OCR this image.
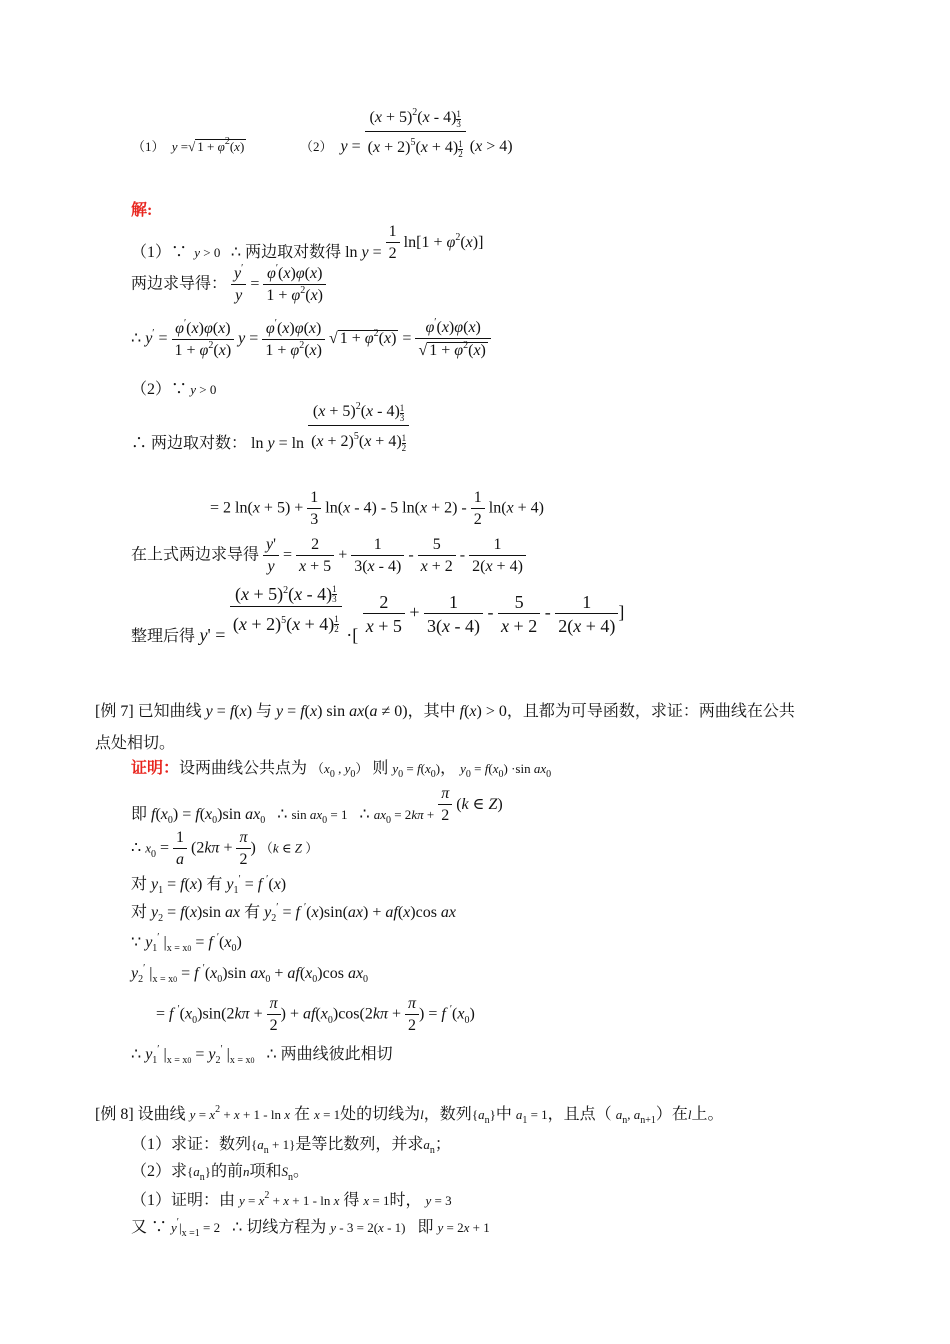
（1）  y =√ $1 + \varphi^2(x)$	$_{(2)}$  $y = \frac{(x + 5)^2(x - 4) \frac{1}{3}}{(x + 2)^5(x + 4) \frac{1}{2}} (x > 4)$
解:
（1）∵  $_y$ $_{> 0}$   ∴ 两边取对数得 $\ln y = \frac{1}{2} \ln[1 + \varphi^2(x)]$
两边求导得： $\frac{y'}{y} = \frac{\varphi'(x)\varphi(x)}{1 + \varphi^2(x)}$
∴ $y' = \frac{\varphi'(x)\varphi(x)}{1 + \varphi^2(x)}$ $y = \frac{\varphi'(x)\varphi(x)}{1 + \varphi^2(x)}$ √ $1 + \varphi^2(x) = \frac{\varphi'(x)\varphi(x)}{√ 1 + \varphi^2(x)}$
（2）∵ y > 0
∴ 两边取对数： $\ln y = \ln \frac{(x + 5)^2(x - 4) \frac{1}{3}}{(x + 2)^5(x + 4) \frac{1}{2}}$
= 2 $\ln(x + 5) + \frac{1}{3} \ln(x - 4) - 5$ $\ln(x + 2) - \frac{1}{2} \ln(x + 4)$
在上式两边求导得 $\frac{y'}{y} = \frac{2}{x + 5} + \frac{1}{3(x - 4)} - \frac{5}{x + 2} - \frac{1}{2(x + 4)}$
整理后得 y' =
$\frac{(x + 5)^2(x - 4) \frac{1}{3}}{(x + 2)^5(x + 4) \frac{1}{2}}$
·[
$\frac{2}{x + 5} + \frac{1}{3(x - 4)} - \frac{5}{x + 2} - \frac{1}{2(x + 4)}$ ]
[例 7] 已知曲线 y = f(x) 与 y = f(x) sin ax(a ≠ 0)，其中 f(x) > 0，且都为可导函数，求证：两曲线在公共
点处相切。
证明：设两曲线公共点为 （$x_0$ , $y_0$） 则 $y_0 = f(x_0)$， $y_0 = f(x_0) \cdot\sin$ $ax_0$
即 $f(x_0) = f(x_0)\sin$ $ax_0$   ∴ $\sin ax_0 = 1$   ∴ $ax_0 = 2k\pi + \frac{\pi}{2} (k$ ∈ Z)
∴ $x_0 = \frac{1}{a} (2k\pi + \frac{\pi}{2}$ ) （k ∈ Z ）
对 $y_1 = f(x)$ 有 $y_1' = f$ ′(x)
对 $y_2 = f(x)\sin$ ax 有 $y_2' = f$ ′(x)sin(ax) + af(x)cos ax
∵ $y_1'$ $|_{x = x0} = f$ $'(x_0)$
$y_2'$ $|_{x = x0} = f$ $'(x_0)\sin$ $ax_0 + af(x_0)\cos$ $ax_0$
= f $'(x_0)\sin(2k\pi + \frac{\pi}{2}$ ) + $af(x_0)\cos(2k\pi + \frac{\pi}{2}$ ) = f $'(x_0)$
∴ $y_1'$ $|_{x = x0} = y_2'$ $|_{x = x0}$ ∴ 两曲线彼此相切
[例 8] 设曲线 $y = x^2 + x + 1 - \ln x$ 在 x = 1处的切线为l，数列$\{a_n\}$中 $a_1 = 1$，且点（ $a_n$, $a_{n+1}$）在l上。
（1）求证：数列$\{a_n + 1\}$是等比数列，并求$a_n$；
（2）求$\{a_n\}$的前n项和$S_n$。
（1）证明：由 $y = x^2 + x + 1 - \ln x$ 得 x = 1时， y = 3
又 ∵ $y'|_{x =1} = 2$ ∴ 切线方程为 y - 3 = 2(x - 1) 即 y = 2x + 1
